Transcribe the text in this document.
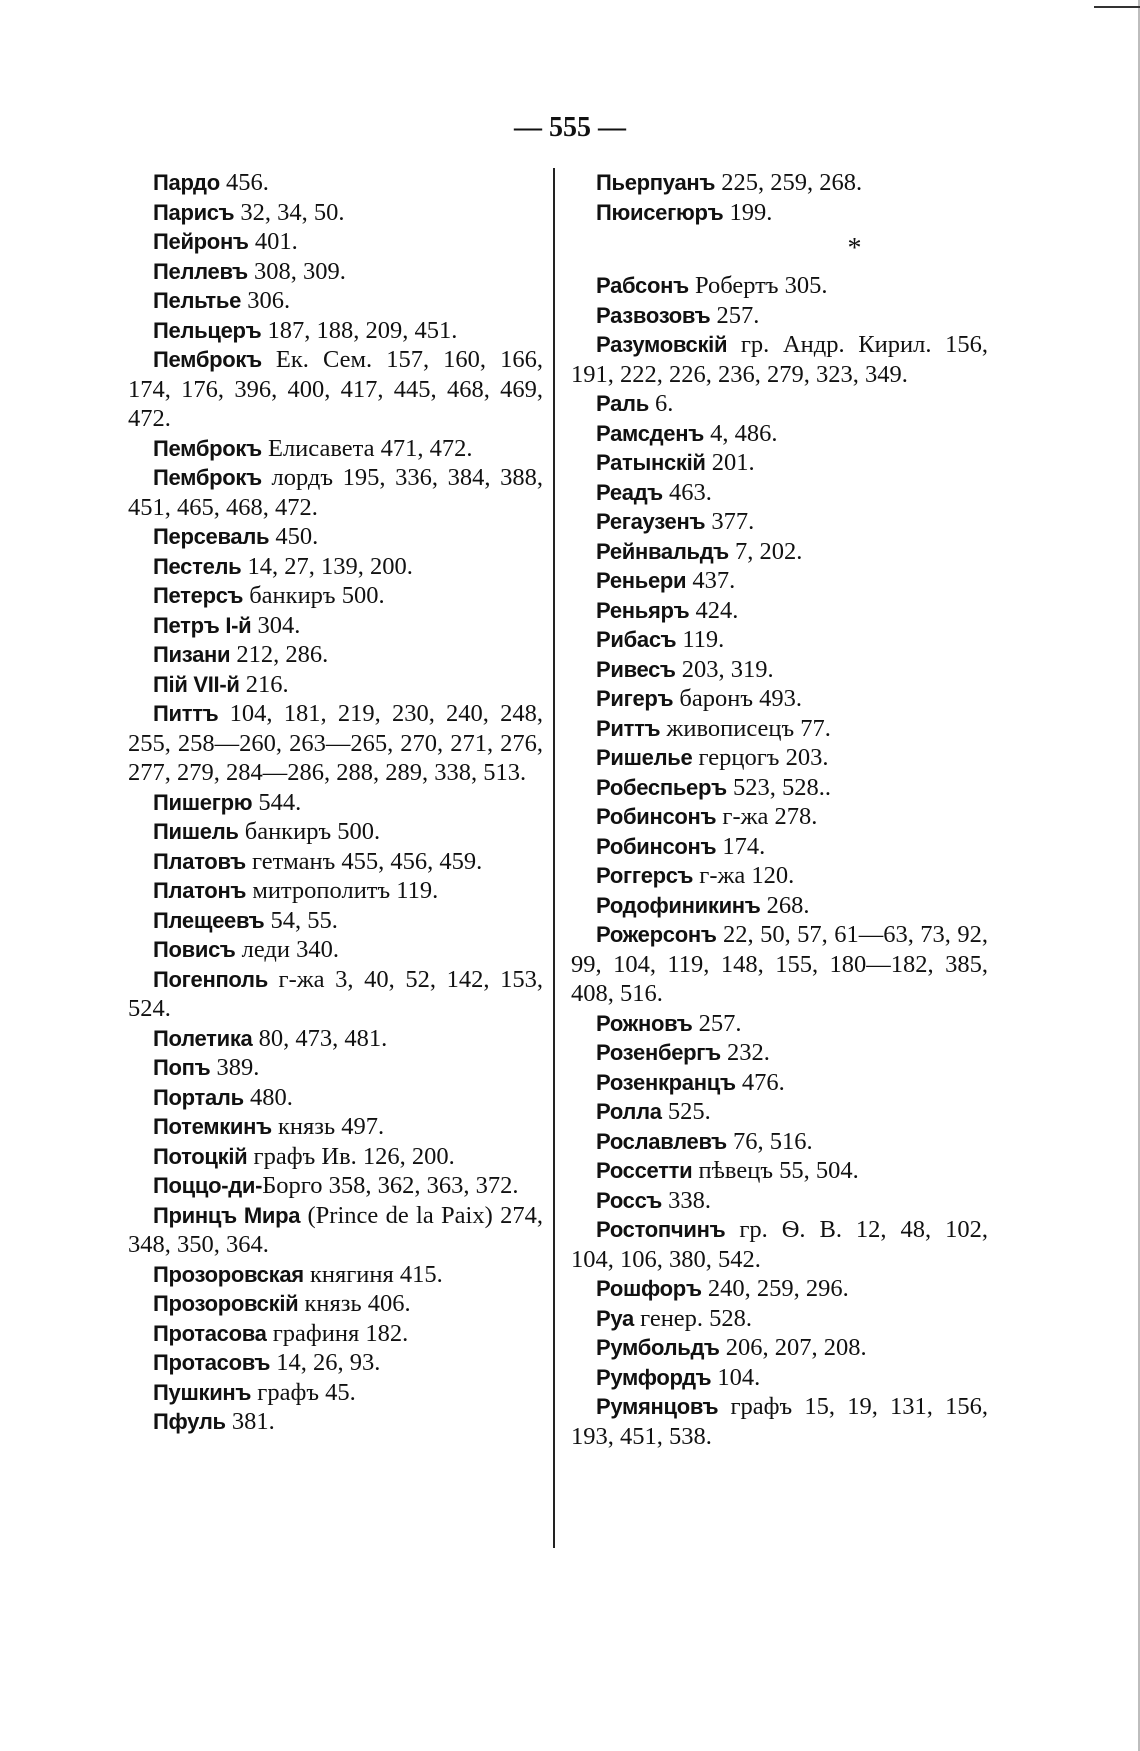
— 555 —

Пардо 456.

Парисъ 32, 34, 50.

Пейронъ 401.

Пеллевъ 308, 309.

Пельтье 306.

Пельцеръ 187, 188, 209, 451.

Пемброкъ Ек. Сем. 157, 160, 166, 174, 176, 396, 400, 417, 445, 468, 469, 472.

Пемброкъ Елисавета 471, 472.

Пемброкъ лордъ 195, 336, 384, 388, 451, 465, 468, 472.

Персеваль 450.

Пестель 14, 27, 139, 200.

Петерсъ банкиръ 500.

Петръ I-й 304.

Пизани 212, 286.

Пій VII-й 216.

Питтъ 104, 181, 219, 230, 240, 248, 255, 258—260, 263—265, 270, 271, 276, 277, 279, 284—286, 288, 289, 338, 513.

Пишегрю 544.

Пишель банкиръ 500.

Платовъ гетманъ 455, 456, 459.

Платонъ митрополитъ 119.

Плещеевъ 54, 55.

Повисъ леди 340.

Погенполь г-жа 3, 40, 52, 142, 153, 524.

Полетика 80, 473, 481.

Попъ 389.

Порталь 480.

Потемкинъ князь 497.

Потоцкій графъ Ив. 126, 200.

Поццо-ди-Борго 358, 362, 363, 372.

Принцъ Мира (Prince de la Paix) 274, 348, 350, 364.

Прозоровская княгиня 415.

Прозоровскій князь 406.

Протасова графиня 182.

Протасовъ 14, 26, 93.

Пушкинъ графъ 45.

Пфуль 381.

Пьерпуанъ 225, 259, 268.

Пюисегюръ 199.

*

Рабсонъ Робертъ 305.

Развозовъ 257.

Разумовскій гр. Андр. Кирил. 156, 191, 222, 226, 236, 279, 323, 349.

Раль 6.

Рамсденъ 4, 486.

Ратынскій 201.

Реадъ 463.

Регаузенъ 377.

Рейнвальдъ 7, 202.

Реньери 437.

Реньяръ 424.

Рибасъ 119.

Ривесъ 203, 319.

Ригеръ баронъ 493.

Риттъ живописецъ 77.

Ришелье герцогъ 203.

Робеспьеръ 523, 528..

Робинсонъ г-жа 278.

Робинсонъ 174.

Роггерсъ г-жа 120.

Родофиникинъ 268.

Рожерсонъ 22, 50, 57, 61—63, 73, 92, 99, 104, 119, 148, 155, 180—182, 385, 408, 516.

Рожновъ 257.

Розенбергъ 232.

Розенкранцъ 476.

Ролла 525.

Рославлевъ 76, 516.

Россетти пѣвецъ 55, 504.

Россъ 338.

Ростопчинъ гр. Ѳ. В. 12, 48, 102, 104, 106, 380, 542.

Рошфоръ 240, 259, 296.

Руа генер. 528.

Румбольдъ 206, 207, 208.

Румфордъ 104.

Румянцовъ графъ 15, 19, 131, 156, 193, 451, 538.
